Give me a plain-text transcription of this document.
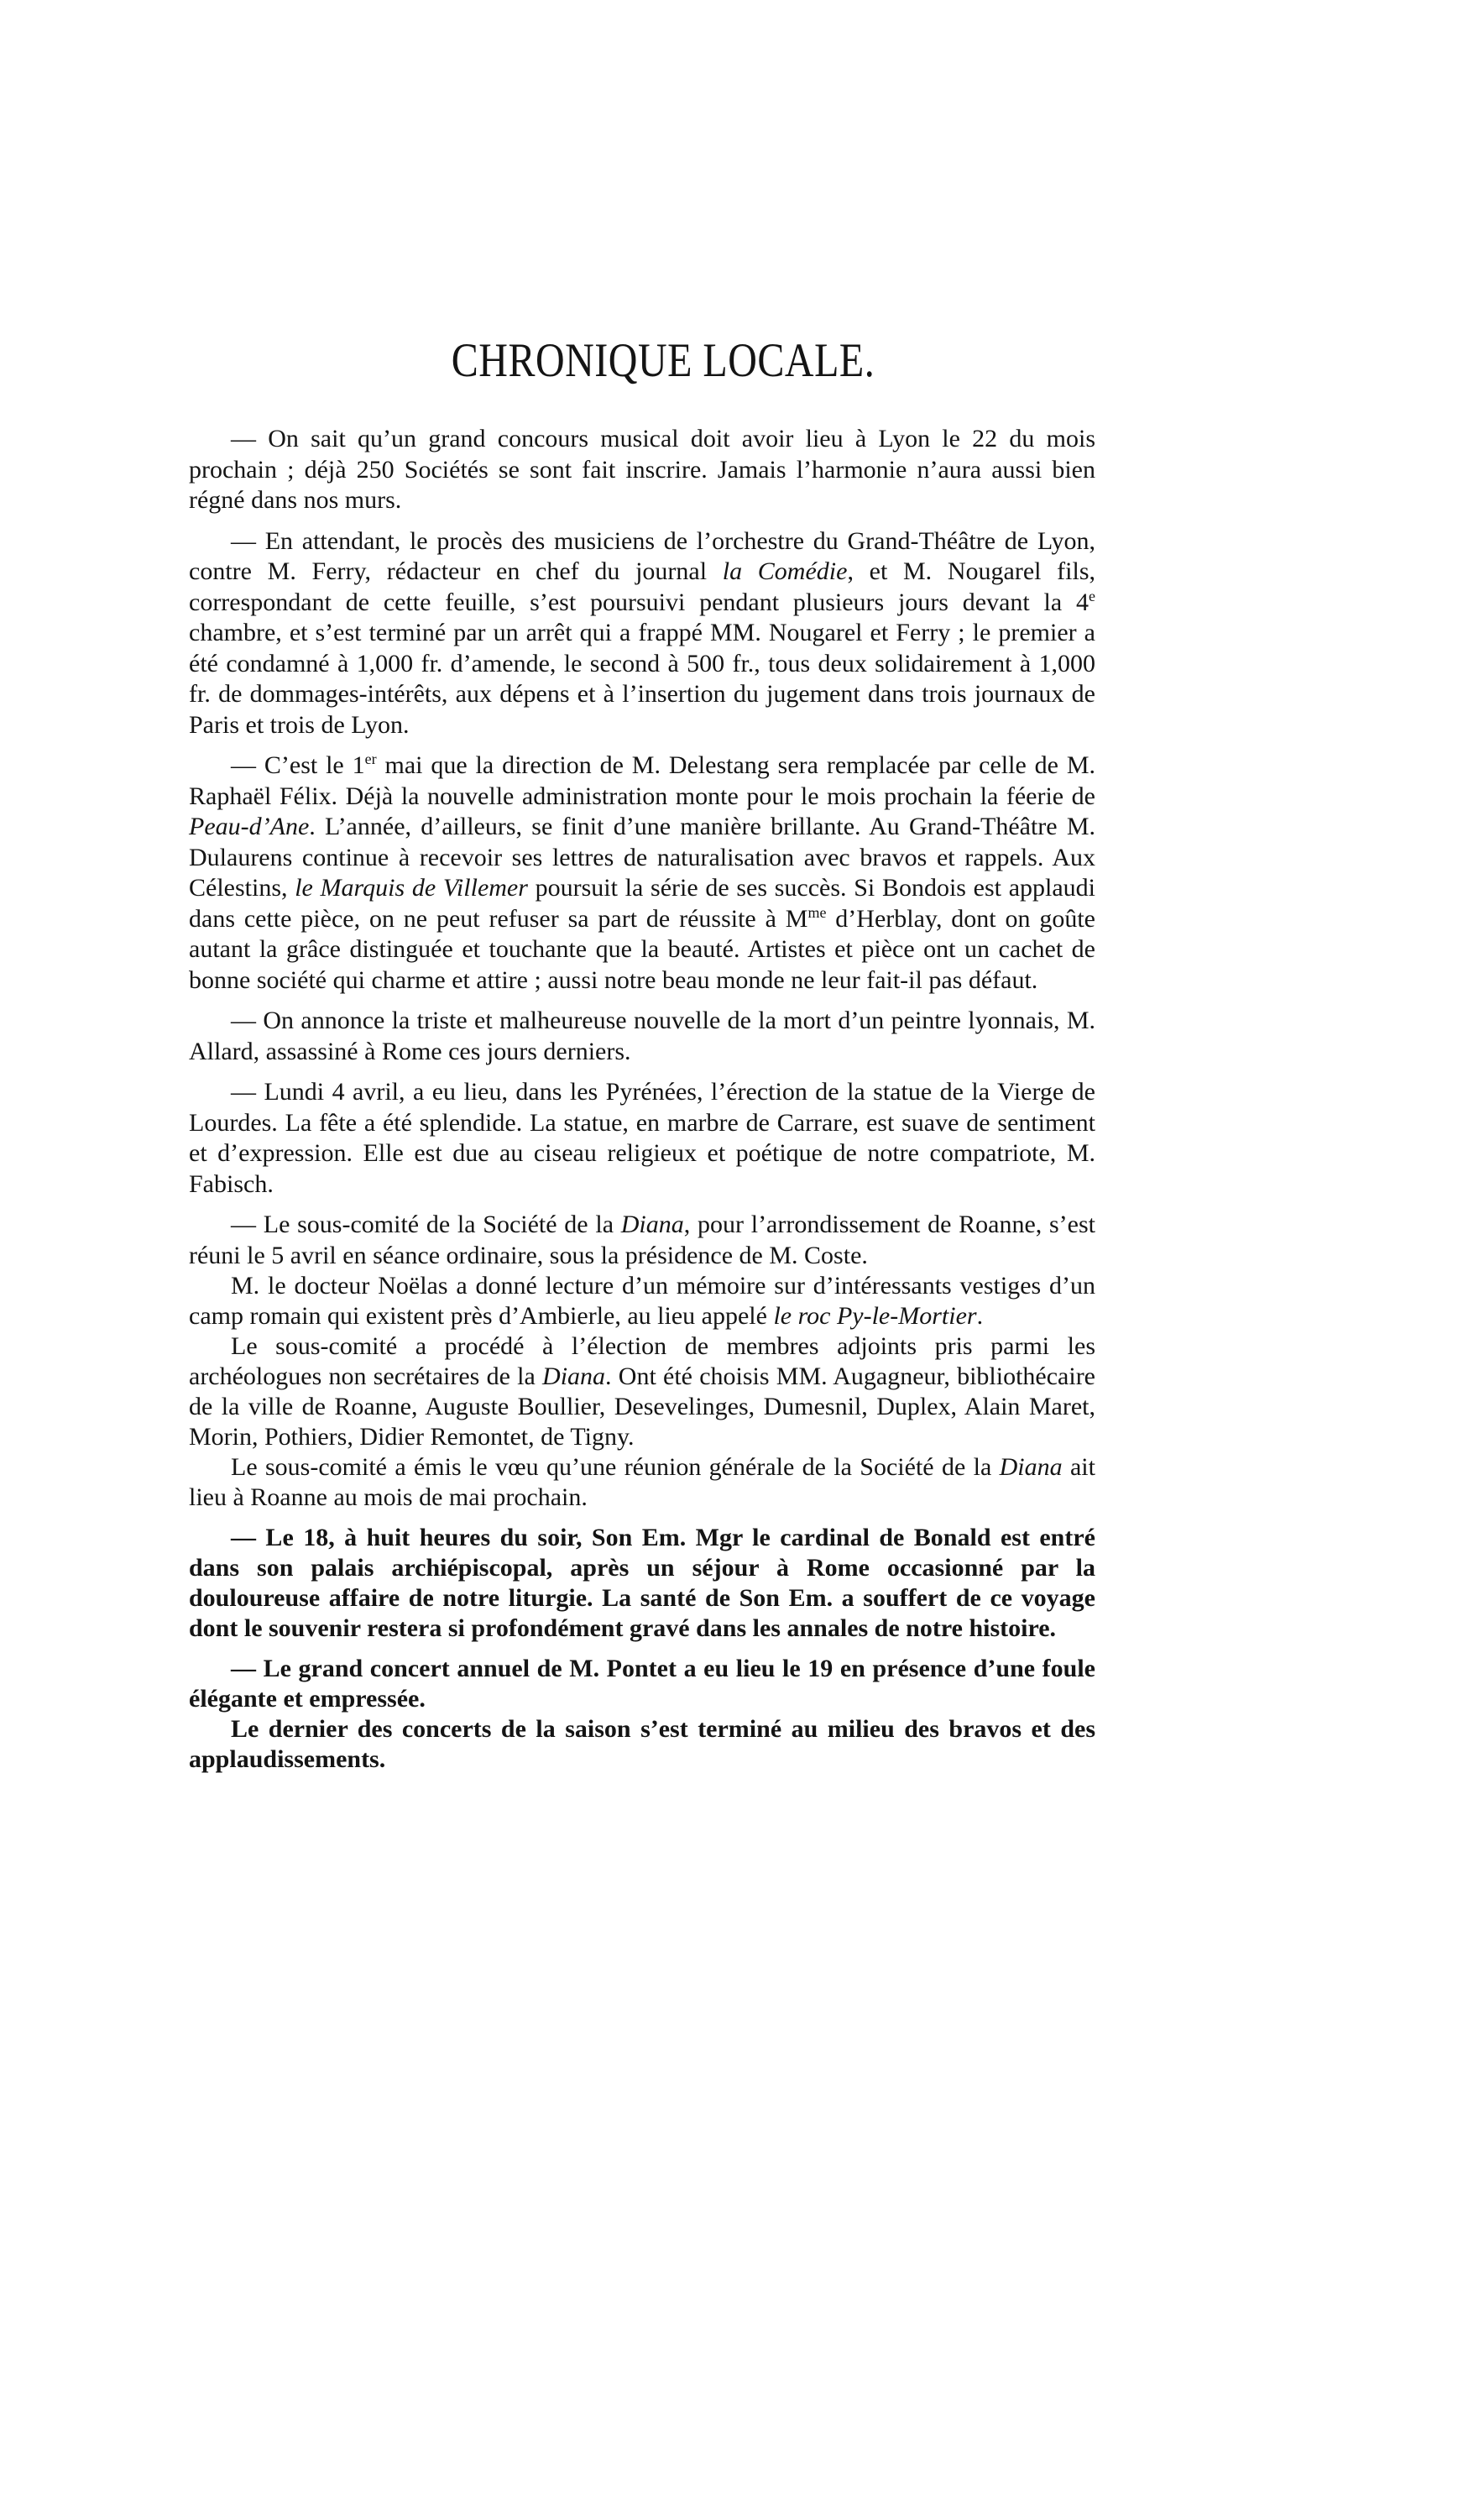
CHRONIQUE LOCALE.

— On sait qu’un grand concours musical doit avoir lieu à Lyon le 22 du mois prochain ; déjà 250 Sociétés se sont fait inscrire. Jamais l’harmonie n’aura aussi bien régné dans nos murs.

— En attendant, le procès des musiciens de l’orchestre du Grand-Théâtre de Lyon, contre M. Ferry, rédacteur en chef du journal la Comédie, et M. Nougarel fils, correspondant de cette feuille, s’est poursuivi pendant plusieurs jours devant la 4e chambre, et s’est terminé par un arrêt qui a frappé MM. Nougarel et Ferry ; le premier a été condamné à 1,000 fr. d’amende, le second à 500 fr., tous deux solidairement à 1,000 fr. de dommages-intérêts, aux dépens et à l’insertion du jugement dans trois journaux de Paris et trois de Lyon.

— C’est le 1er mai que la direction de M. Delestang sera remplacée par celle de M. Raphaël Félix. Déjà la nouvelle administration monte pour le mois prochain la féerie de Peau-d’Ane. L’année, d’ailleurs, se finit d’une manière brillante. Au Grand-Théâtre M. Dulaurens continue à recevoir ses lettres de naturalisation avec bravos et rappels. Aux Célestins, le Marquis de Villemer poursuit la série de ses succès. Si Bondois est applaudi dans cette pièce, on ne peut refuser sa part de réussite à $M^{me}$ d’Herblay, dont on goûte autant la grâce distinguée et touchante que la beauté. Artistes et pièce ont un cachet de bonne société qui charme et attire ; aussi notre beau monde ne leur fait-il pas défaut.

— On annonce la triste et malheureuse nouvelle de la mort d’un peintre lyonnais, M. Allard, assassiné à Rome ces jours derniers.

— Lundi 4 avril, a eu lieu, dans les Pyrénées, l’érection de la statue de la Vierge de Lourdes. La fête a été splendide. La statue, en marbre de Carrare, est suave de sentiment et d’expression. Elle est due au ciseau religieux et poétique de notre compatriote, M. Fabisch.

— Le sous-comité de la Société de la Diana, pour l’arrondissement de Roanne, s’est réuni le 5 avril en séance ordinaire, sous la présidence de M. Coste.

M. le docteur Noëlas a donné lecture d’un mémoire sur d’intéressants vestiges d’un camp romain qui existent près d’Ambierle, au lieu appelé le roc Py-le-Mortier.

Le sous-comité a procédé à l’élection de membres adjoints pris parmi les archéologues non secrétaires de la Diana. Ont été choisis MM. Augagneur, bibliothécaire de la ville de Roanne, Auguste Boullier, Desevelinges, Dumesnil, Duplex, Alain Maret, Morin, Pothiers, Didier Remontet, de Tigny.

Le sous-comité a émis le vœu qu’une réunion générale de la Société de la Diana ait lieu à Roanne au mois de mai prochain.

— Le 18, à huit heures du soir, Son Em. Mgr le cardinal de Bonald est entré dans son palais archiépiscopal, après un séjour à Rome occasionné par la douloureuse affaire de notre liturgie. La santé de Son Em. a souffert de ce voyage dont le souvenir restera si profondément gravé dans les annales de notre histoire.

— Le grand concert annuel de M. Pontet a eu lieu le 19 en présence d’une foule élégante et empressée.

Le dernier des concerts de la saison s’est terminé au milieu des bravos et des applaudissements.
